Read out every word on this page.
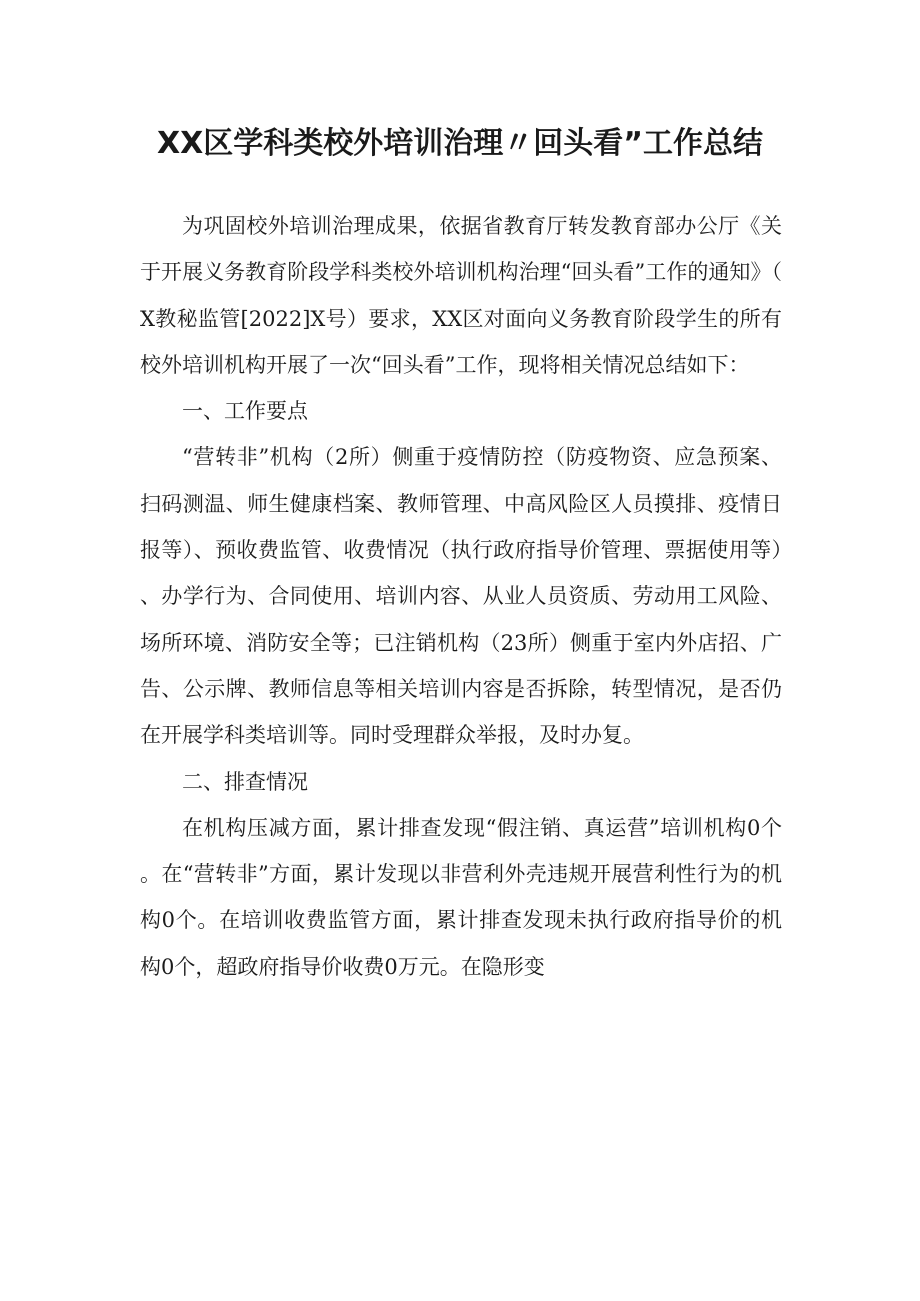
XX区学科类校外培训治理〃回头看”工作总结

为巩固校外培训治理成果，依据省教育厅转发教育部办公厅《关于开展义务教育阶段学科类校外培训机构治理“回头看”工作的通知》（X教秘监管[2022]X号）要求，XX区对面向义务教育阶段学生的所有校外培训机构开展了一次“回头看”工作，现将相关情况总结如下：

一、工作要点

“营转非”机构（2所）侧重于疫情防控（防疫物资、应急预案、扫码测温、师生健康档案、教师管理、中高风险区人员摸排、疫情日报等）、预收费监管、收费情况（执行政府指导价管理、票据使用等）、办学行为、合同使用、培训内容、从业人员资质、劳动用工风险、场所环境、消防安全等；已注销机构（23所）侧重于室内外店招、广告、公示牌、教师信息等相关培训内容是否拆除，转型情况，是否仍在开展学科类培训等。同时受理群众举报，及时办复。

二、排查情况

在机构压减方面，累计排查发现“假注销、真运营”培训机构0个。在“营转非”方面，累计发现以非营利外壳违规开展营利性行为的机构0个。在培训收费监管方面，累计排查发现未执行政府指导价的机构0个，超政府指导价收费0万元。在隐形变
